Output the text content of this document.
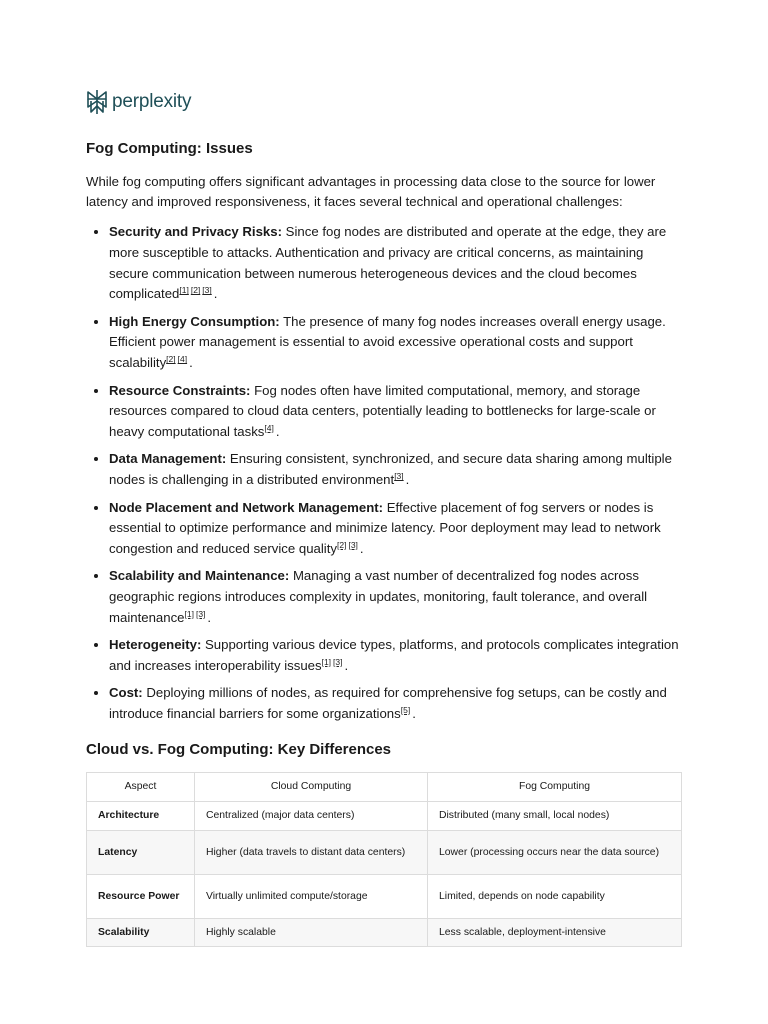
perplexity
Fog Computing: Issues

While fog computing offers significant advantages in processing data close to the source for lower latency and improved responsiveness, it faces several technical and operational challenges:

• Security and Privacy Risks: Since fog nodes are distributed and operate at the edge, they are more susceptible to attacks. Authentication and privacy are critical concerns, as maintaining secure communication between numerous heterogeneous devices and the cloud becomes complicated[1] [2] [3] .
• High Energy Consumption: The presence of many fog nodes increases overall energy usage. Efficient power management is essential to avoid excessive operational costs and support scalability[2] [4] .
• Resource Constraints: Fog nodes often have limited computational, memory, and storage resources compared to cloud data centers, potentially leading to bottlenecks for large-scale or heavy computational tasks[4] .
• Data Management: Ensuring consistent, synchronized, and secure data sharing among multiple nodes is challenging in a distributed environment[3] .
• Node Placement and Network Management: Effective placement of fog servers or nodes is essential to optimize performance and minimize latency. Poor deployment may lead to network congestion and reduced service quality[2] [3] .
• Scalability and Maintenance: Managing a vast number of decentralized fog nodes across geographic regions introduces complexity in updates, monitoring, fault tolerance, and overall maintenance[1] [3] .
• Heterogeneity: Supporting various device types, platforms, and protocols complicates integration and increases interoperability issues[1] [3] .
• Cost: Deploying millions of nodes, as required for comprehensive fog setups, can be costly and introduce financial barriers for some organizations[5] .
Cloud vs. Fog Computing: Key Differences
Aspect	Cloud Computing	Fog Computing
Architecture	Centralized (major data centers)	Distributed (many small, local nodes)
Latency	Higher (data travels to distant data centers)	Lower (processing occurs near the data source)
Resource Power	Virtually unlimited compute/storage	Limited, depends on node capability
Scalability	Highly scalable	Less scalable, deployment-intensive
